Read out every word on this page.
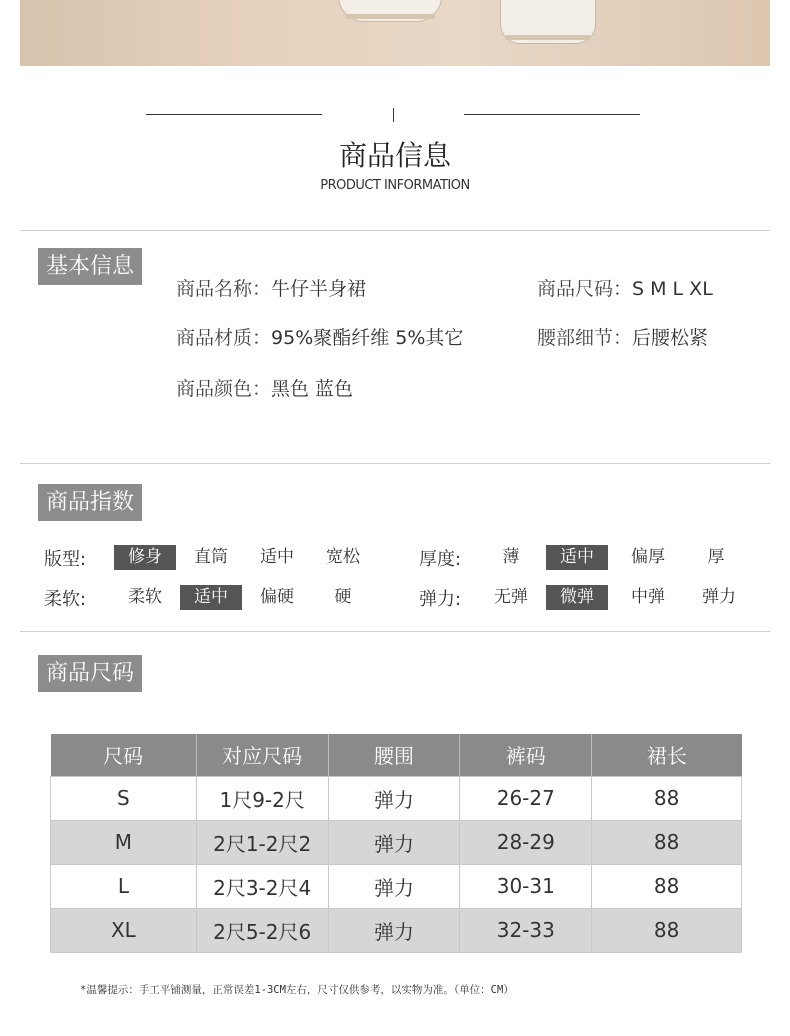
商品信息
PRODUCT INFORMATION
基本信息
商品名称：牛仔半身裙	商品尺码：S M L XL
商品材质：95%聚酯纤维 5%其它	腰部细节：后腰松紧
商品颜色：黑色 蓝色
商品指数
版型:	修身	直筒	适中	宽松	厚度:	薄	适中	偏厚	厚
柔软:	柔软	适中	偏硬	硬	弹力:	无弹	微弹	中弹	弹力
商品尺码
尺码	对应尺码	腰围	裤码	裙长
S	1尺9-2尺	弹力	26-27	88
M	2尺1-2尺2	弹力	28-29	88
L	2尺3-2尺4	弹力	30-31	88
XL	2尺5-2尺6	弹力	32-33	88
*温馨提示：手工平铺测量，正常误差1-3CM左右，尺寸仅供参考，以实物为准。（单位：CM）
